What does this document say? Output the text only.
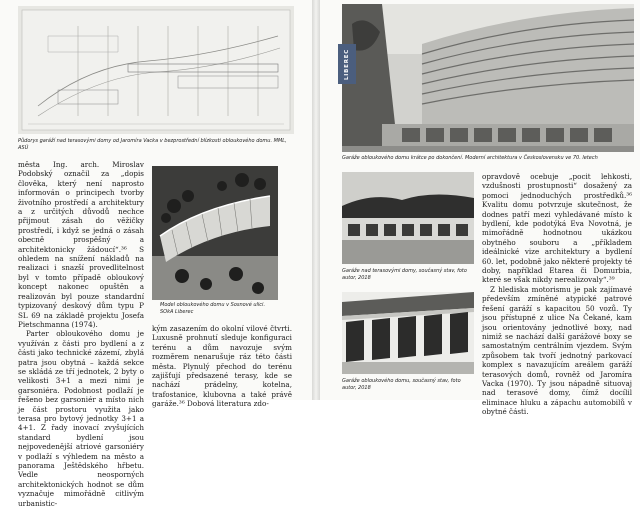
Půdorys garáží nad terasovými domy od Jaromíra Vacka v bezprostřední blízkosti obloukového domu. MML, ASÚ

města Ing. arch. Miroslav Podobský označil za „dopis člověka, který není naprosto informován o principech tvorby životního prostředí a architektury a z určitých důvodů nechce přijmout zásah do věžičky prostředí, i když se jedná o zásah obecně prospěšný a architektonicky žádoucí“.³⁶ S ohledem na snížení nákladů na realizaci i snazší provedlitelnost byl v tomto případě obloukový koncept nakonec opuštěn a realizován byl pouze standardní typizovaný deskový dům typu P SL 69 na základě projektu Josefa Pietschmanna (1974).

Parter obloukového domu je využíván z části pro bydlení a z části jako technické zázemí, zbylá patra jsou obytná – každá sekce se skládá ze tří jednotek, 2 byty o velikosti 3+1 a mezi nimi je garsoniéra. Podobnost podlaží je řešeno bez garsoniér a místo nich je část prostoru využita jako terasa pro bytový jednotky 3+1 a 4+1. Z řady inovací zvyšujících standard bydlení jsou nejpovedenější atriové garsoniéry v podlaží s výhledem na město a panorama Ještědského hřbetu. Vedle neosporných architektonických hodnot se dům vyznačuje mimořádně citlivým urbanistic-

Model obloukového domu v Sosnové ulici. SOkA Liberec

kým zasazením do okolní vilové čtvrti. Luxusně prohnutí sleduje konfiguraci terénu a dům navozuje svým rozměrem nenarušuje ráz této části města. Plynulý přechod do terénu zajišťují předsazené terasy, kde se nachází prádelny, kotelna, trafostanice, klubovna a také právě garáže.³⁶ Dobová literatura zdo-

Garáže obloukového domu krátce po dokončení. Moderní architektura v Československu ve 70. letech
Garáže nad terasovými domy, současný stav, foto autor, 2018
Garáže obloukového domu, současný stav, foto autor, 2018

opravdově ocebuje „pocit lehkosti, vzdušnosti prostupnosti“ dosažený za pomoci jednoduchých prostředků.³⁶ Kvalitu domu potvrzuje skutečnost, že dodnes patří mezi vyhledávané místo k bydlení, kde podotýká Eva Novotná, je mimořádně hodnotnou ukázkou obytného souboru a „příkladem ideálnické vize architektury a bydlení 60. let, podobně jako některé projekty té doby, například Etarea či Domurbia, které se však nikdy nerealizovaly“.³⁹

Z hlediska motorismu je pak zajímavé především zmíněné atypické patrové řešení garáží s kapacitou 50 vozů. Ty jsou přístupné z ulice Na Čekané, kam jsou orientovány jednotlivé boxy, nad nimiž se nachází další garážové boxy se samostatným centrálním vjezdem. Svým způsobem tak tvoří jednotný parkovací komplex s navazujícím areálem garáží terasových domů, rovněž od Jaromíra Vacka (1970). Ty jsou nápadně situovaj nad terasové domy, čímž docílil eliminace hluku a zápachu automobilů v obytné části.

LIBEREC
